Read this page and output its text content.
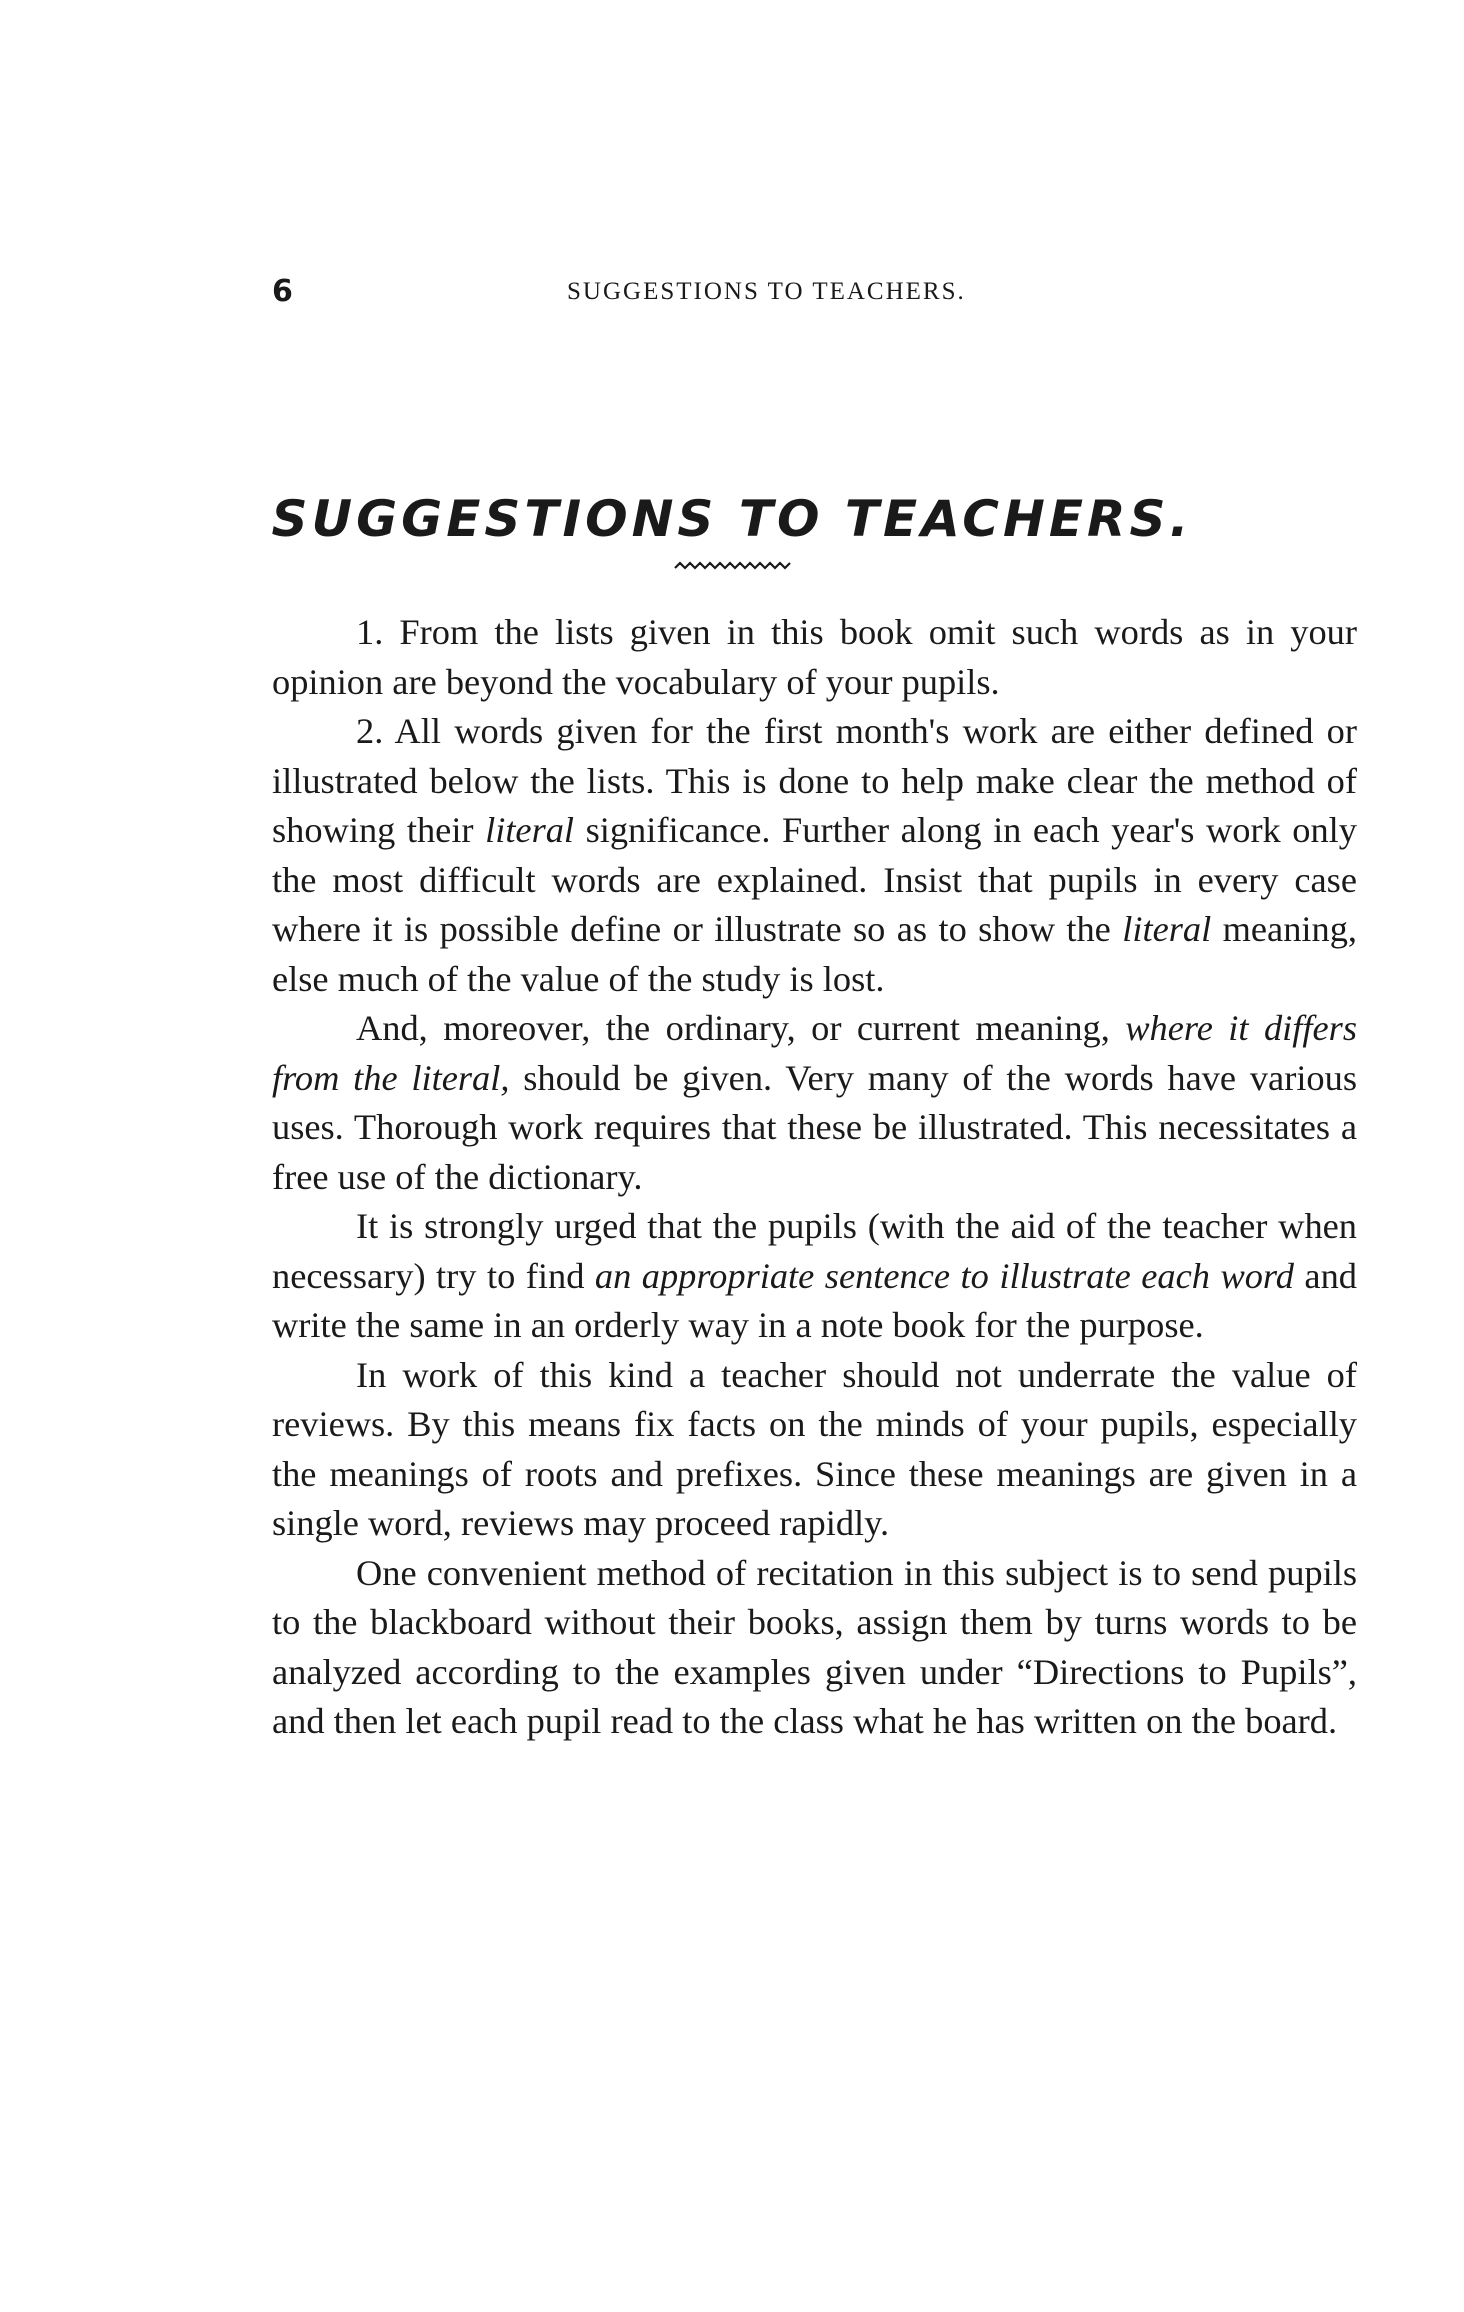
6	SUGGESTIONS TO TEACHERS.
SUGGESTIONS TO TEACHERS.

1. From the lists given in this book omit such words as in your opinion are beyond the vocabulary of your pupils.

2. All words given for the first month's work are either defined or illustrated below the lists. This is done to help make clear the method of showing their literal significance. Further along in each year's work only the most difficult words are explained. Insist that pupils in every case where it is possible define or illustrate so as to show the literal meaning, else much of the value of the study is lost.

And, moreover, the ordinary, or current meaning, where it differs from the literal, should be given. Very many of the words have various uses. Thorough work requires that these be illustrated. This necessitates a free use of the dictionary.

It is strongly urged that the pupils (with the aid of the teacher when necessary) try to find an appropriate sentence to illustrate each word and write the same in an orderly way in a note book for the purpose.

In work of this kind a teacher should not underrate the value of reviews. By this means fix facts on the minds of your pupils, especially the meanings of roots and prefixes. Since these meanings are given in a single word, reviews may proceed rapidly.

One convenient method of recitation in this subject is to send pupils to the blackboard without their books, assign them by turns words to be analyzed according to the examples given under “Directions to Pupils”, and then let each pupil read to the class what he has written on the board.
